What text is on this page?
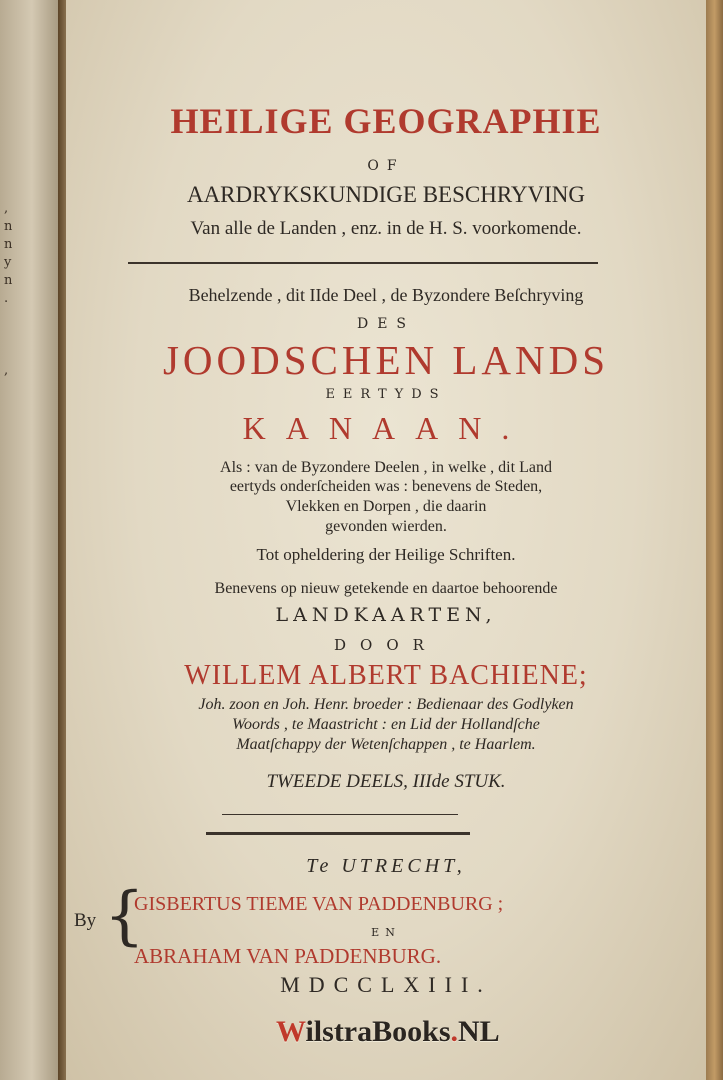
,
n
n
y
n
.

,

HEILIGE GEOGRAPHIE
OF
AARDRYKSKUNDIGE BESCHRYVING
Van alle de Landen , enz. in de H. S. voorkomende.
Behelzende , dit IIde Deel , de Byzondere Beſchryving
DES
JOODSCHEN LANDS
EERTYDS
KANAAN.
Als : van de Byzondere Deelen , in welke , dit Land
eertyds onderſcheiden was : benevens de Steden,
Vlekken en Dorpen , die daarin
gevonden wierden.
Tot opheldering der Heilige Schriften.
Benevens op nieuw getekende en daartoe behoorende
LANDKAARTEN,
DOOR
WILLEM ALBERT BACHIENE;
Joh. zoon en Joh. Henr. broeder : Bedienaar des Godlyken
Woords , te Maastricht : en Lid der Hollandſche
Maatſchappy der Wetenſchappen , te Haarlem.
TWEEDE DEELS, IIIde STUK.
Te UTRECHT,
By {
GISBERTUS TIEME VAN PADDENBURG ;
EN
ABRAHAM VAN PADDENBURG.
MDCCLXIII.
WilstraBooks.NL
